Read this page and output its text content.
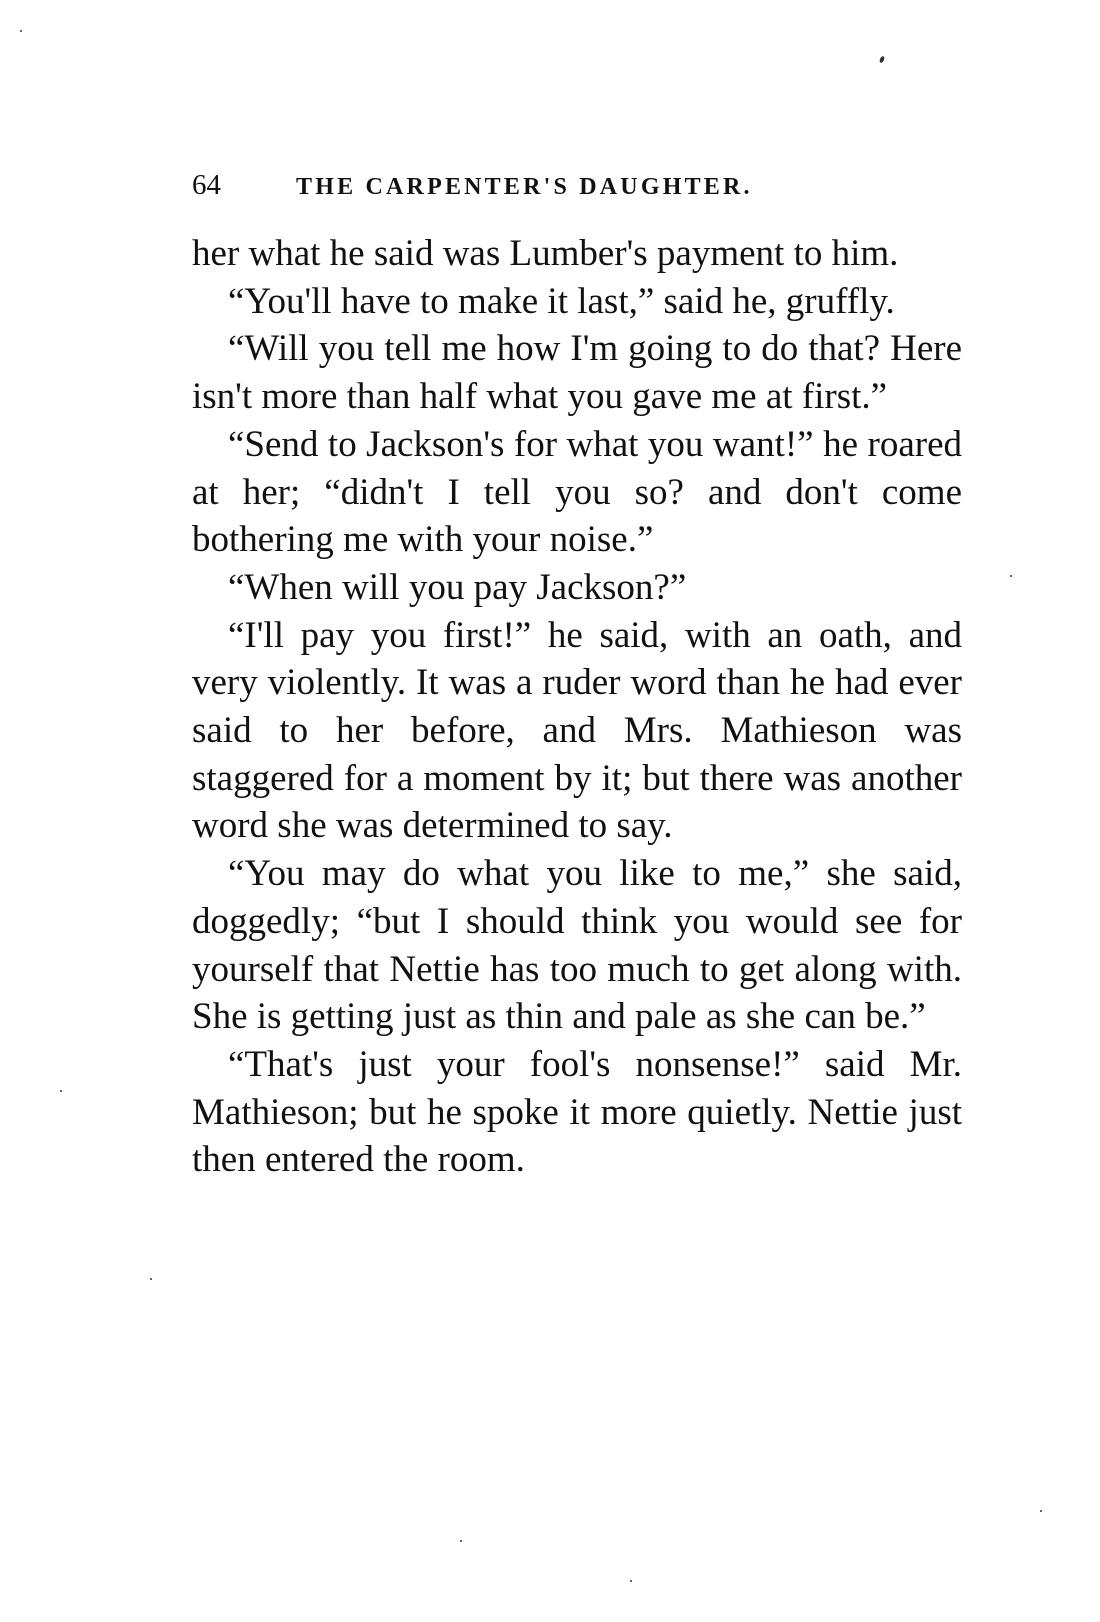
64	THE CARPENTER'S DAUGHTER.

her what he said was Lumber's payment to him.

“You'll have to make it last,” said he, gruffly.

“Will you tell me how I'm going to do that? Here isn't more than half what you gave me at first.”

“Send to Jackson's for what you want!” he roared at her; “didn't I tell you so? and don't come bothering me with your noise.”

“When will you pay Jackson?”

“I'll pay you first!” he said, with an oath, and very violently. It was a ruder word than he had ever said to her before, and Mrs. Mathieson was staggered for a moment by it; but there was another word she was determined to say.

“You may do what you like to me,” she said, doggedly; “but I should think you would see for yourself that Nettie has too much to get along with. She is getting just as thin and pale as she can be.”

“That's just your fool's nonsense!” said Mr. Mathieson; but he spoke it more quietly. Nettie just then entered the room.
